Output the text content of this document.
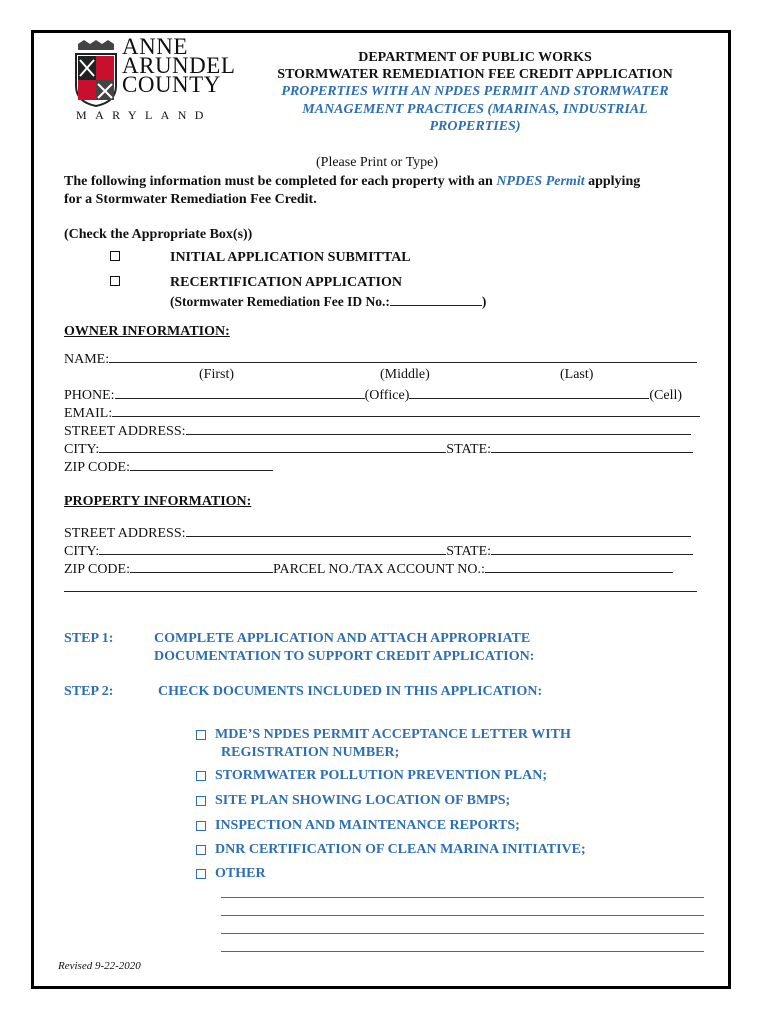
ANNE
ARUNDEL
COUNTY
MARYLAND
DEPARTMENT OF PUBLIC WORKS
STORMWATER REMEDIATION FEE CREDIT APPLICATION
PROPERTIES WITH AN NPDES PERMIT AND STORMWATER
MANAGEMENT PRACTICES (MARINAS, INDUSTRIAL
PROPERTIES)
(Please Print or Type)
The following information must be completed for each property with an NPDES Permit applying
for a Stormwater Remediation Fee Credit.
(Check the Appropriate Box(s))
INITIAL APPLICATION SUBMITTAL
RECERTIFICATION APPLICATION
(Stormwater Remediation Fee ID No.:	)
OWNER INFORMATION:
NAME:
(First)	(Middle)	(Last)
PHONE:	(Office)	(Cell)
EMAIL:
STREET ADDRESS:
CITY:	STATE:
ZIP CODE:
PROPERTY INFORMATION:
STREET ADDRESS:
CITY:	STATE:
ZIP CODE:	PARCEL NO./TAX ACCOUNT NO.:
STEP 1:	COMPLETE APPLICATION AND ATTACH APPROPRIATE
DOCUMENTATION TO SUPPORT CREDIT APPLICATION:
STEP 2:	CHECK DOCUMENTS INCLUDED IN THIS APPLICATION:
MDE’S NPDES PERMIT ACCEPTANCE LETTER WITH
REGISTRATION NUMBER;
STORMWATER POLLUTION PREVENTION PLAN;
SITE PLAN SHOWING LOCATION OF BMPS;
INSPECTION AND MAINTENANCE REPORTS;
DNR CERTIFICATION OF CLEAN MARINA INITIATIVE;
OTHER
Revised 9-22-2020
